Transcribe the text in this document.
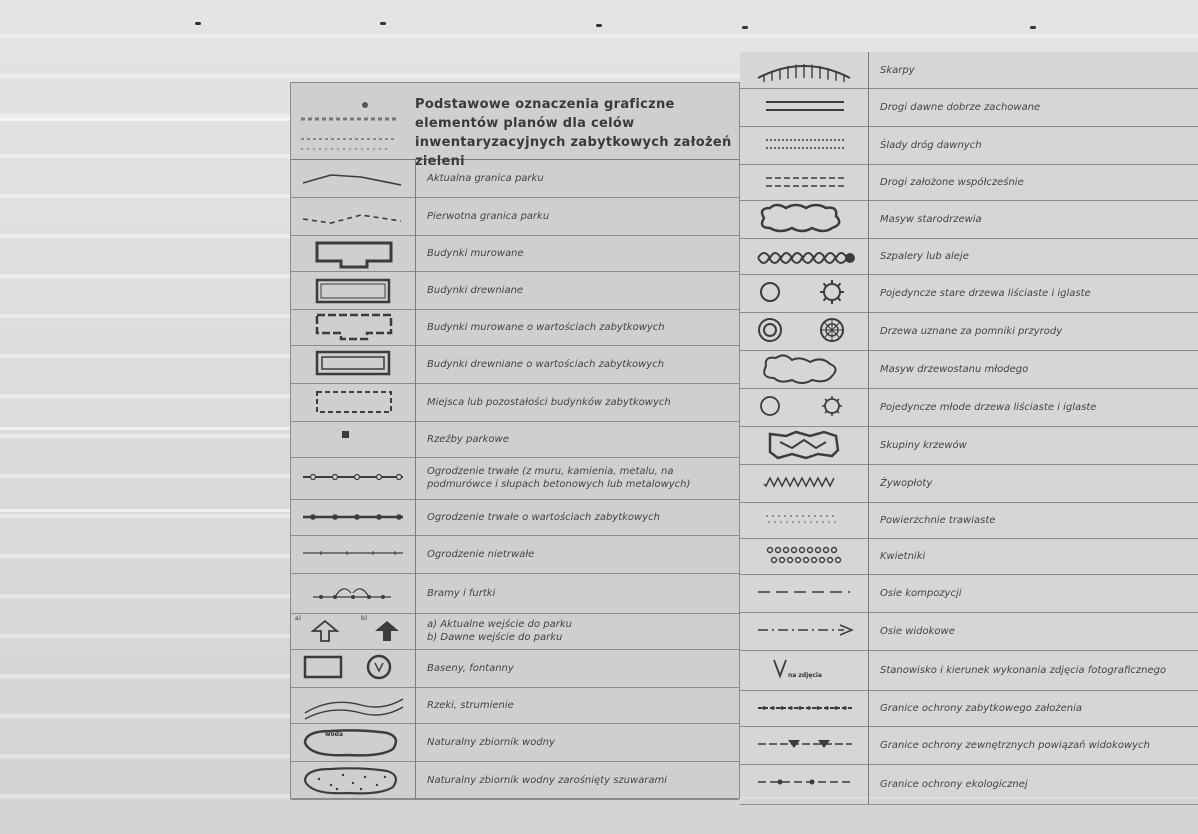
Podstawowe oznaczenia graficzne elementów planów dla celów inwentaryzacyjnych zabytkowych założeń zieleni
Aktualna granica parku
Pierwotna granica parku
Budynki murowane
Budynki drewniane
Budynki murowane o wartościach zabytkowych
Budynki drewniane o wartościach zabytkowych
Miejsca lub pozostałości budynków zabytkowych
Rzeźby parkowe
Ogrodzenie trwałe (z muru, kamienia, metalu, na podmurówce i słupach betonowych lub metalowych)
Ogrodzenie trwałe o wartościach zabytkowych
Ogrodzenie nietrwałe
Bramy i furtki
a)	b)
a) Aktualne wejście do parku
b) Dawne wejście do parku
Baseny, fontanny
Rzeki, strumienie
woda
Naturalny zbiornik wodny
Naturalny zbiornik wodny zarośnięty szuwarami
Skarpy
Drogi dawne dobrze zachowane
Ślady dróg dawnych
Drogi założone współcześnie
Masyw starodrzewia
Szpalery lub aleje
Pojedyncze stare drzewa liściaste i iglaste
Drzewa uznane za pomniki przyrody
Masyw drzewostanu młodego
Pojedyncze młode drzewa liściaste i iglaste
Skupiny krzewów
Żywopłoty
Powierzchnie trawiaste
Kwietniki
Osie kompozycji
Osie widokowe
na zdjęcia	Stanowisko i kierunek wykonania zdjęcia fotograficznego
Granice ochrony zabytkowego założenia
Granice ochrony zewnętrznych powiązań widokowych
Granice ochrony ekologicznej
